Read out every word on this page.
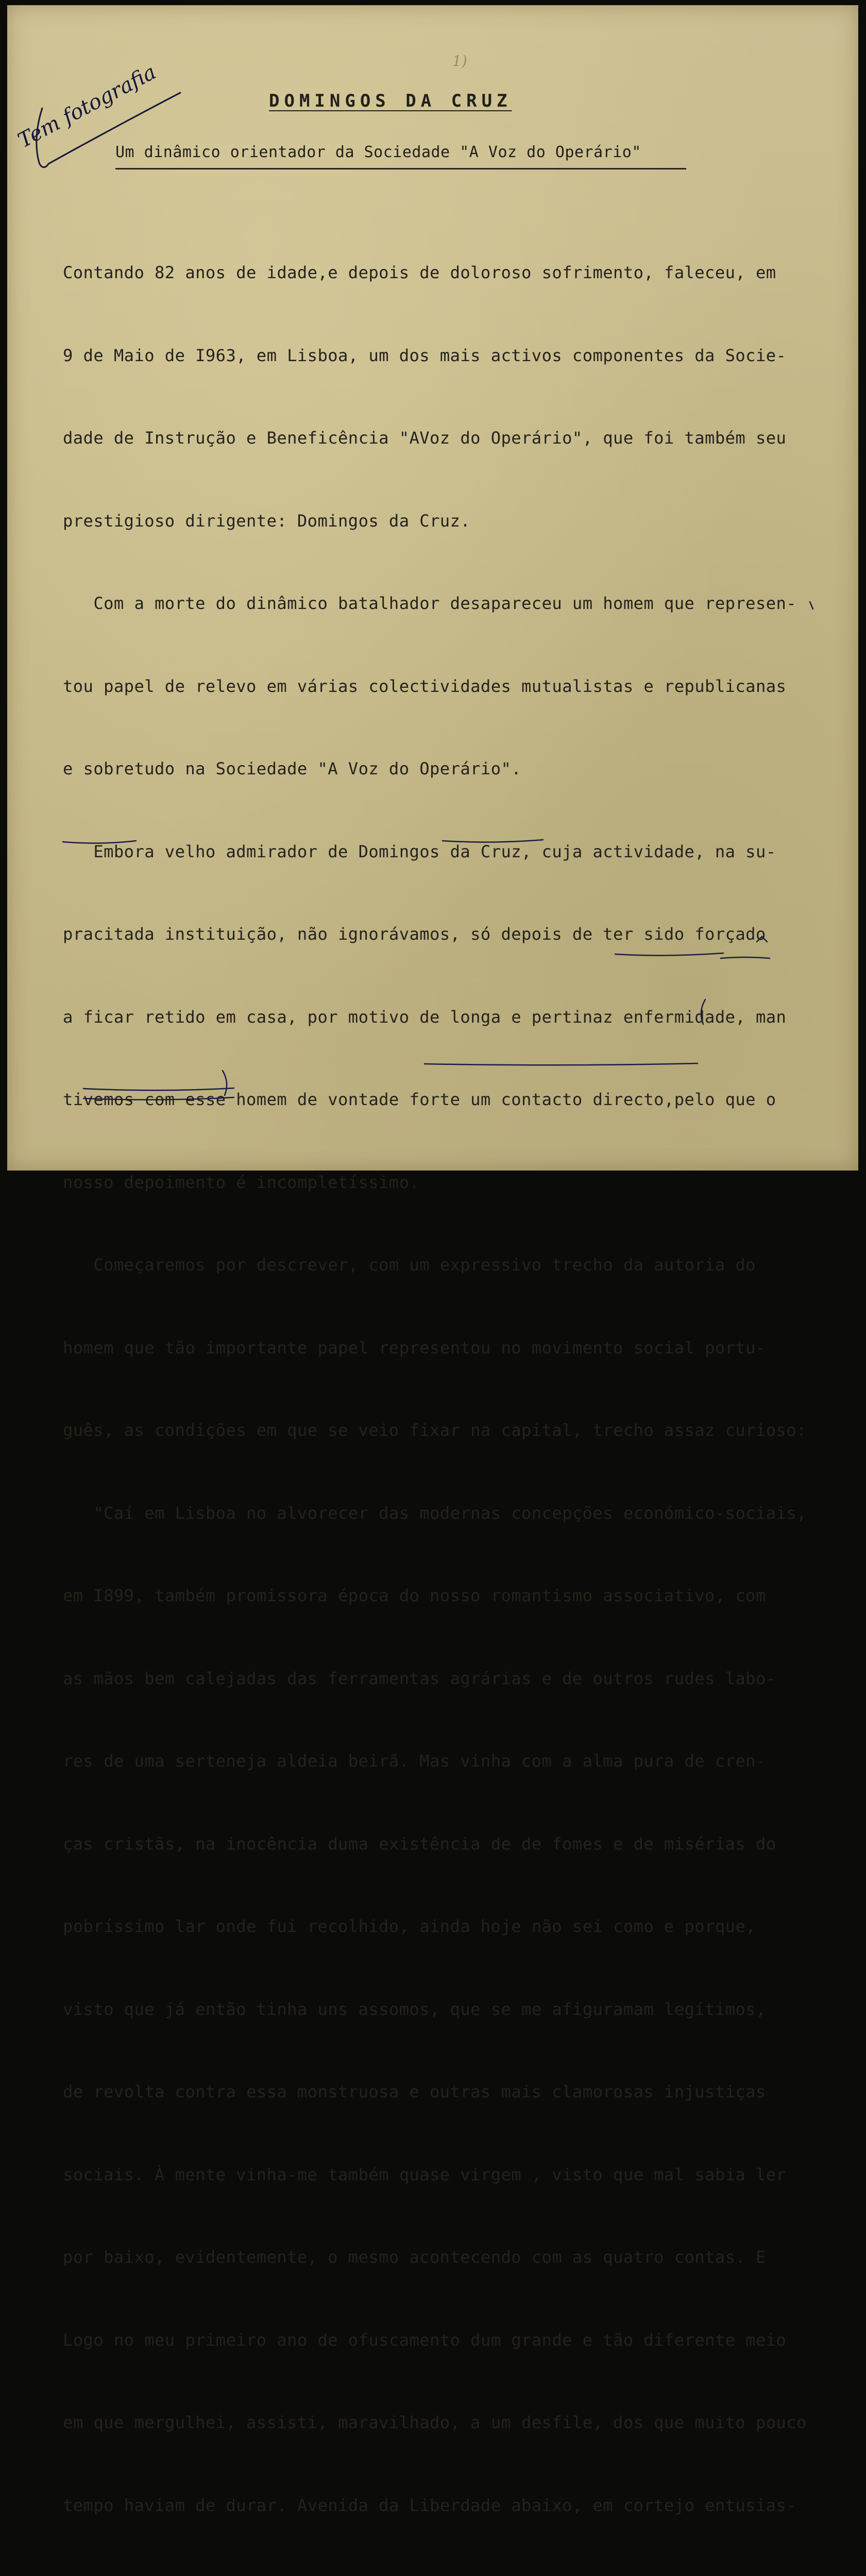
1)
Tem fotografia	DOMINGOS DA CRUZ
Um dinâmico orientador da Sociedade "A Voz do Operário"

Contando 82 anos de idade,e depois de doloroso sofrimento, faleceu, em

9 de Maio de I963, em Lisboa, um dos mais activos componentes da Socie-

dade de Instrução e Beneficência "AVoz do Operário", que foi também seu

prestigioso dirigente: Domingos da Cruz.

Com a morte do dinâmico batalhador desapareceu um homem que represen-

tou papel de relevo em várias colectividades mutualistas e republicanas

e sobretudo na Sociedade "A Voz do Operário".

Embora velho admirador de Domingos da Cruz, cuja actividade, na su-

pracitada instituição, não ignorávamos, só depois de ter sido forçado

a ficar retido em casa, por motivo de longa e pertinaz enfermidade, man

tivemos com esse homem de vontade forte um contacto directo,pelo que o

nosso depoimento é incompletíssimo.

Começaremos por descrever, com um expressivo trecho da autoria do

homem que tão importante papel representou no movimento social portu-

guês, as condições em que se veio fixar na capital, trecho assaz curioso:

"Caí em Lisboa no alvorecer das modernas concepções económico-sociais,

em I899, também promissora época do nosso romantismo associativo, com

as mãos bem calejadas das ferramentas agrárias e de outros rudes labo-

res de uma serteneja aldeia beirã. Mas vinha com a alma pura de cren-

ças cristãs, na inocência duma existência de de fomes e de misérias do

pobríssimo lar onde fui recolhido, ainda hoje não sei como e porque,

visto que já então tinha uns assomos, que se me afiguramam legítimos,

de revolta contra essa monstruosa e outras mais clamorosas injustiças

sociais. À mente vinha-me também quase virgem , visto que mal sabia ler

por baixo, evidentemente, o mesmo acontecendo com as quatro contas. E

Logo no meu primeiro ano de ofuscamento dum grande e tão diferente meio

em que mergulhei, assisti, maravilhado, a um desfile, dos que muito pouco

tempo haviam de durar. Avenida da Liberdade abaixo, em cortejo entusias-
